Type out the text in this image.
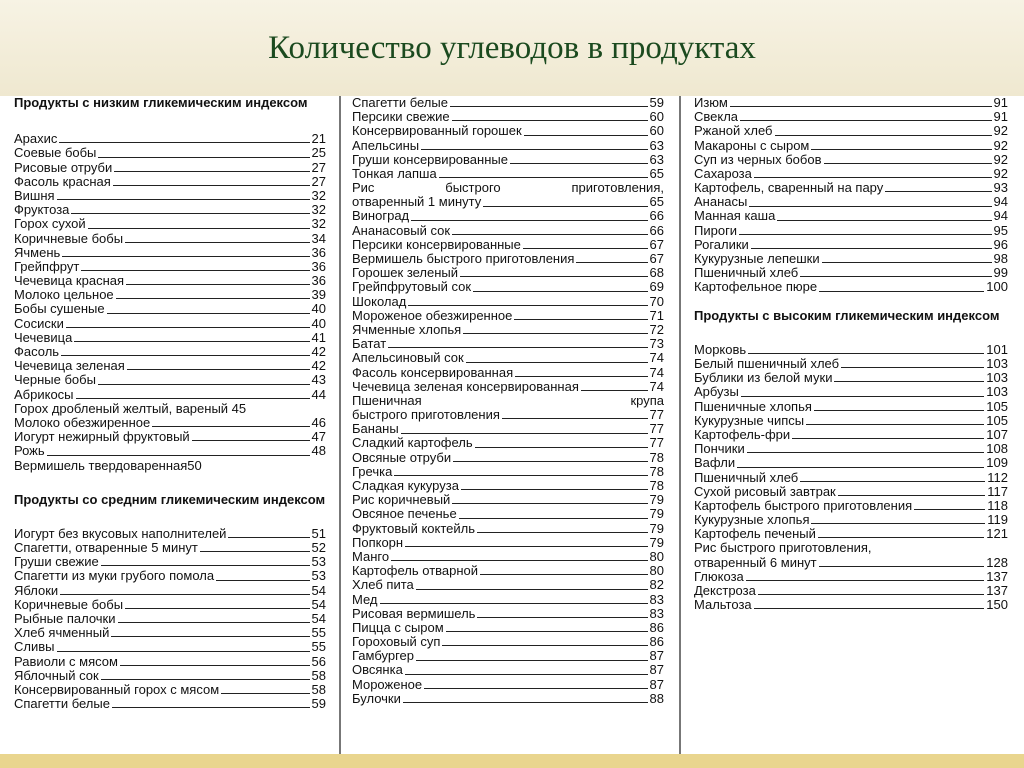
Количество углеводов в продуктах
Продукты с низким гликемическим индексом
Арахис	21
Соевые бобы	25
Рисовые отруби	27
Фасоль красная	27
Вишня	32
Фруктоза	32
Горох сухой	32
Коричневые бобы	34
Ячмень	36
Грейпфрут	36
Чечевица красная	36
Молоко цельное	39
Бобы сушеные	40
Сосиски	40
Чечевица	41
Фасоль	42
Чечевица зеленая	42
Черные бобы	43
Абрикосы	44
Горох дробленый желтый, вареный 45
Молоко обезжиренное	46
Иогурт нежирный фруктовый	47
Рожь	48
Вермишель твердоваренная50
Продукты со средним гликемическим индексом
Иогурт без вкусовых наполнителей	51
Спагетти, отваренные 5 минут	52
Груши свежие	53
Спагетти из муки грубого помола	53
Яблоки	54
Коричневые бобы	54
Рыбные палочки	54
Хлеб ячменный	55
Сливы	55
Равиоли с мясом	56
Яблочный сок	58
Консервированный горох с мясом	58
Спагетти белые	59
Спагетти белые	59
Персики свежие	60
Консервированный горошек	60
Апельсины	63
Груши консервированные	63
Тонкая лапша	65
Рис	быстрого	приготовления,
отваренный 1 минуту	65
Виноград	66
Ананасовый сок	66
Персики консервированные	67
Вермишель быстрого приготовления	67
Горошек зеленый	68
Грейпфрутовый сок	69
Шоколад	70
Мороженое обезжиренное	71
Ячменные хлопья	72
Батат	73
Апельсиновый сок	74
Фасоль консервированная	74
Чечевица зеленая консервированная	74
Пшеничная	крупа
быстрого приготовления	77
Бананы	77
Сладкий картофель	77
Овсяные отруби	78
Гречка	78
Сладкая кукуруза	78
Рис коричневый	79
Овсяное печенье	79
Фруктовый коктейль	79
Попкорн	79
Манго	80
Картофель отварной	80
Хлеб пита	82
Мед	83
Рисовая вермишель	83
Пицца с сыром	86
Гороховый суп	86
Гамбургер	87
Овсянка	87
Мороженое	87
Булочки	88
Изюм	91
Свекла	91
Ржаной хлеб	92
Макароны с сыром	92
Суп из черных бобов	92
Сахароза	92
Картофель, сваренный на пару	93
Ананасы	94
Манная каша	94
Пироги	95
Рогалики	96
Кукурузные лепешки	98
Пшеничный хлеб	99
Картофельное пюре	100
Продукты с высоким гликемическим индексом
Морковь	101
Белый пшеничный хлеб	103
Бублики из белой муки	103
Арбузы	103
Пшеничные хлопья	105
Кукурузные чипсы	105
Картофель-фри	107
Пончики	108
Вафли	109
Пшеничный хлеб	112
Сухой рисовый завтрак	117
Картофель быстрого приготовления	118
Кукурузные хлопья	119
Картофель печеный	121
Рис быстрого приготовления,
отваренный 6 минут	128
Глюкоза	137
Декстроза	137
Мальтоза	150
